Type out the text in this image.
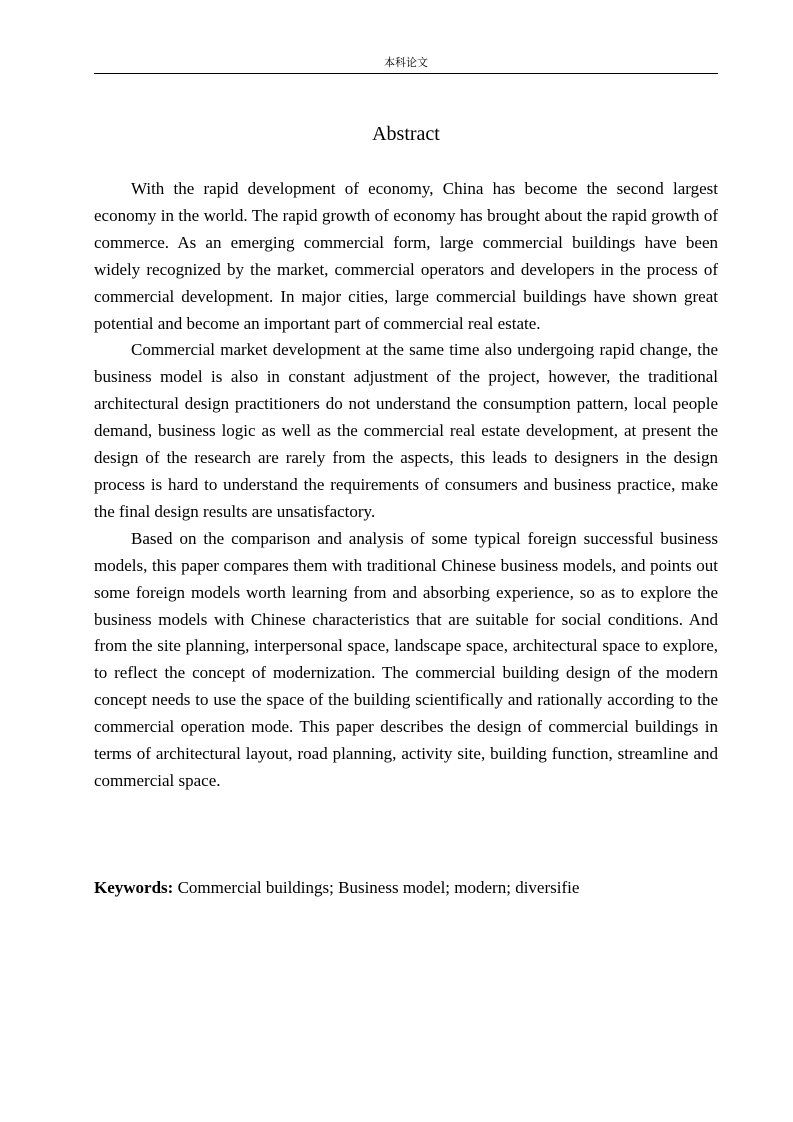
本科论文
Abstract

With the rapid development of economy, China has become the second largest economy in the world. The rapid growth of economy has brought about the rapid growth of commerce. As an emerging commercial form, large commercial buildings have been widely recognized by the market, commercial operators and developers in the process of commercial development. In major cities, large commercial buildings have shown great potential and become an important part of commercial real estate.

Commercial market development at the same time also undergoing rapid change, the business model is also in constant adjustment of the project, however, the traditional architectural design practitioners do not understand the consumption pattern, local people demand, business logic as well as the commercial real estate development, at present the design of the research are rarely from the aspects, this leads to designers in the design process is hard to understand the requirements of consumers and business practice, make the final design results are unsatisfactory.

Based on the comparison and analysis of some typical foreign successful business models, this paper compares them with traditional Chinese business models, and points out some foreign models worth learning from and absorbing experience, so as to explore the business models with Chinese characteristics that are suitable for social conditions. And from the site planning, interpersonal space, landscape space, architectural space to explore, to reflect the concept of modernization. The commercial building design of the modern concept needs to use the space of the building scientifically and rationally according to the commercial operation mode. This paper describes the design of commercial buildings in terms of architectural layout, road planning, activity site, building function, streamline and commercial space.

Keywords: Commercial buildings; Business model; modern; diversifie
